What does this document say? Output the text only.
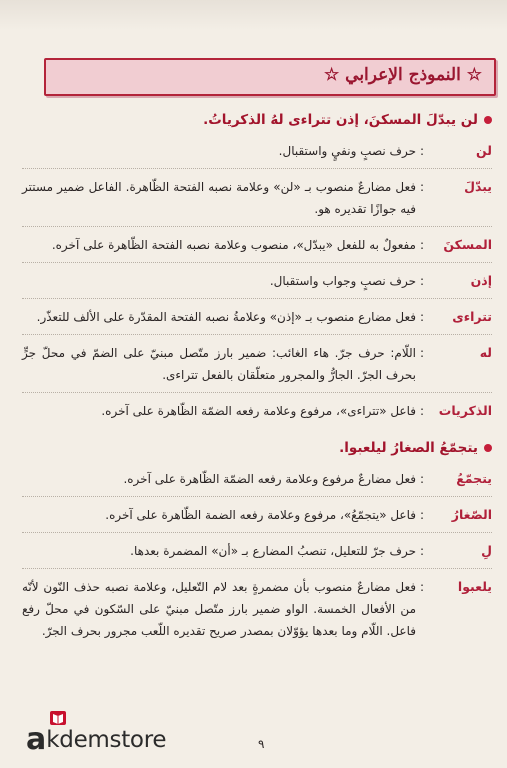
☆ النموذج الإعرابي ☆
لن يبدّلَ المسكنَ، إذن تتراءى لهُ الذكرياتُ.
لن
:
حرف نصبٍ ونفيٍ واستقبال.
يبدّلَ
:
فعل مضارعٌ منصوب بـ «لن» وعلامة نصبه الفتحة الظّاهرة. الفاعل ضمير مستتر فيه جوازًا تقديره هو.
المسكنَ
:
مفعولٌ به للفعل «يبدّل»، منصوب وعلامة نصبه الفتحة الظّاهرة على آخره.
إذن
:
حرف نصبٍ وجواب واستقبال.
تتراءى
:
فعل مضارع منصوب بـ «إذن» وعلامةُ نصبه الفتحة المقدّرة على الألف للتعذّر.
له
:
اللّام: حرف جرّ. هاء الغائب: ضمير بارز متّصل مبنيّ على الضمّ في محلّ جرٍّ بحرف الجرّ. الجارُّ والمجرور متعلّقان بالفعل تتراءى.
الذكريات
:
فاعل «تتراءى»، مرفوع وعلامة رفعه الضمّة الظّاهرة على آخره.
يتجمّعُ الصغارُ ليلعبوا.
يتجمّعُ
:
فعل مضارعٌ مرفوع وعلامة رفعه الضمّة الظّاهرة على آخره.
الصّغارُ
:
فاعل «يتجمّعُ»، مرفوع وعلامة رفعه الضمة الظّاهرة على آخره.
لِ
:
حرف جرّ للتعليل، تنصبُ المضارع بـ «أن» المضمرة بعدها.
يلعبوا
:
فعل مضارعٌ منصوب بأن مضمرةٍ بعد لام التّعليل، وعلامة نصبه حذف النّون لأنّه من الأفعال الخمسة. الواو ضمير بارز متّصل مبنيّ على السّكون في محلّ رفع فاعل. اللّام وما بعدها يؤوّلان بمصدر صريح تقديره اللّعب مجرور بحرف الجرّ.
٩
a kdemstore
